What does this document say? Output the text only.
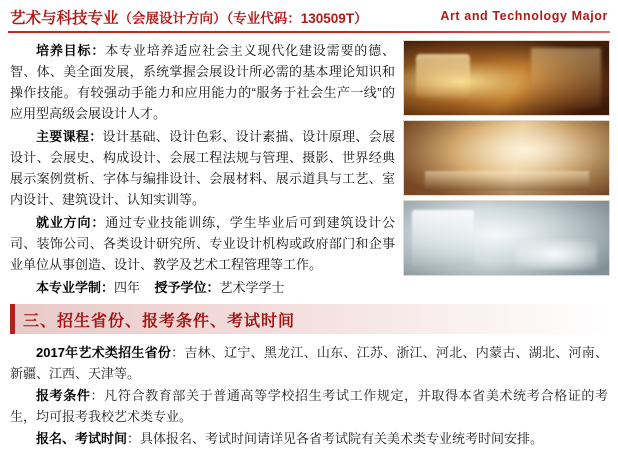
艺术与科技专业（会展设计方向）（专业代码：130509T）	Art and Technology Major

培养目标：本专业培养适应社会主义现代化建设需要的德、智、体、美全面发展，系统掌握会展设计所必需的基本理论知识和操作技能。有较强动手能力和应用能力的“服务于社会生产一线”的应用型高级会展设计人才。

主要课程：设计基础、设计色彩、设计素描、设计原理、会展设计、会展史、构成设计、会展工程法规与管理、摄影、世界经典展示案例赏析、字体与编排设计、会展材料、展示道具与工艺、室内设计、建筑设计、认知实训等。

就业方向：通过专业技能训练，学生毕业后可到建筑设计公司、装饰公司、各类设计研究所、专业设计机构或政府部门和企事业单位从事创造、设计、教学及艺术工程管理等工作。

本专业学制：四年 授予学位：艺术学学士

三、招生省份、报考条件、考试时间

2017年艺术类招生省份：吉林、辽宁、黑龙江、山东、江苏、浙江、河北、内蒙古、湖北、河南、新疆、江西、天津等。

报考条件：凡符合教育部关于普通高等学校招生考试工作规定，并取得本省美术统考合格证的考生，均可报考我校艺术类专业。

报名、考试时间：具体报名、考试时间请详见各省考试院有关美术类专业统考时间安排。
